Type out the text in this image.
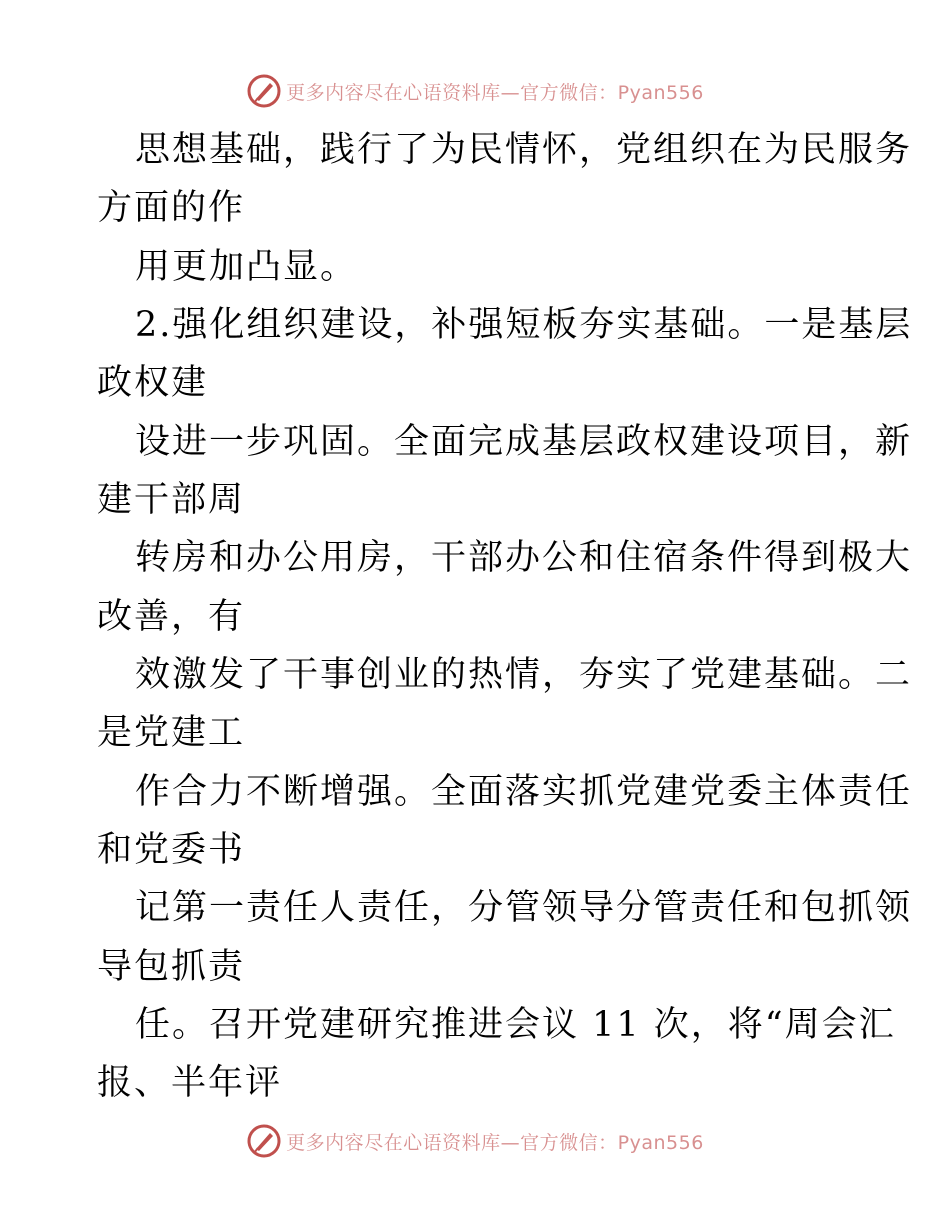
更多内容尽在心语资料库—官方微信：Pyan556
思想基础，践行了为民情怀，党组织在为民服务
方面的作
用更加凸显。
2.强化组织建设，补强短板夯实基础。一是基层
政权建
设进一步巩固。全面完成基层政权建设项目，新
建干部周
转房和办公用房，干部办公和住宿条件得到极大
改善，有
效激发了干事创业的热情，夯实了党建基础。二
是党建工
作合力不断增强。全面落实抓党建党委主体责任
和党委书
记第一责任人责任，分管领导分管责任和包抓领
导包抓责
任。召开党建研究推进会议 11 次，将“周会汇
报、半年评
更多内容尽在心语资料库—官方微信：Pyan556
